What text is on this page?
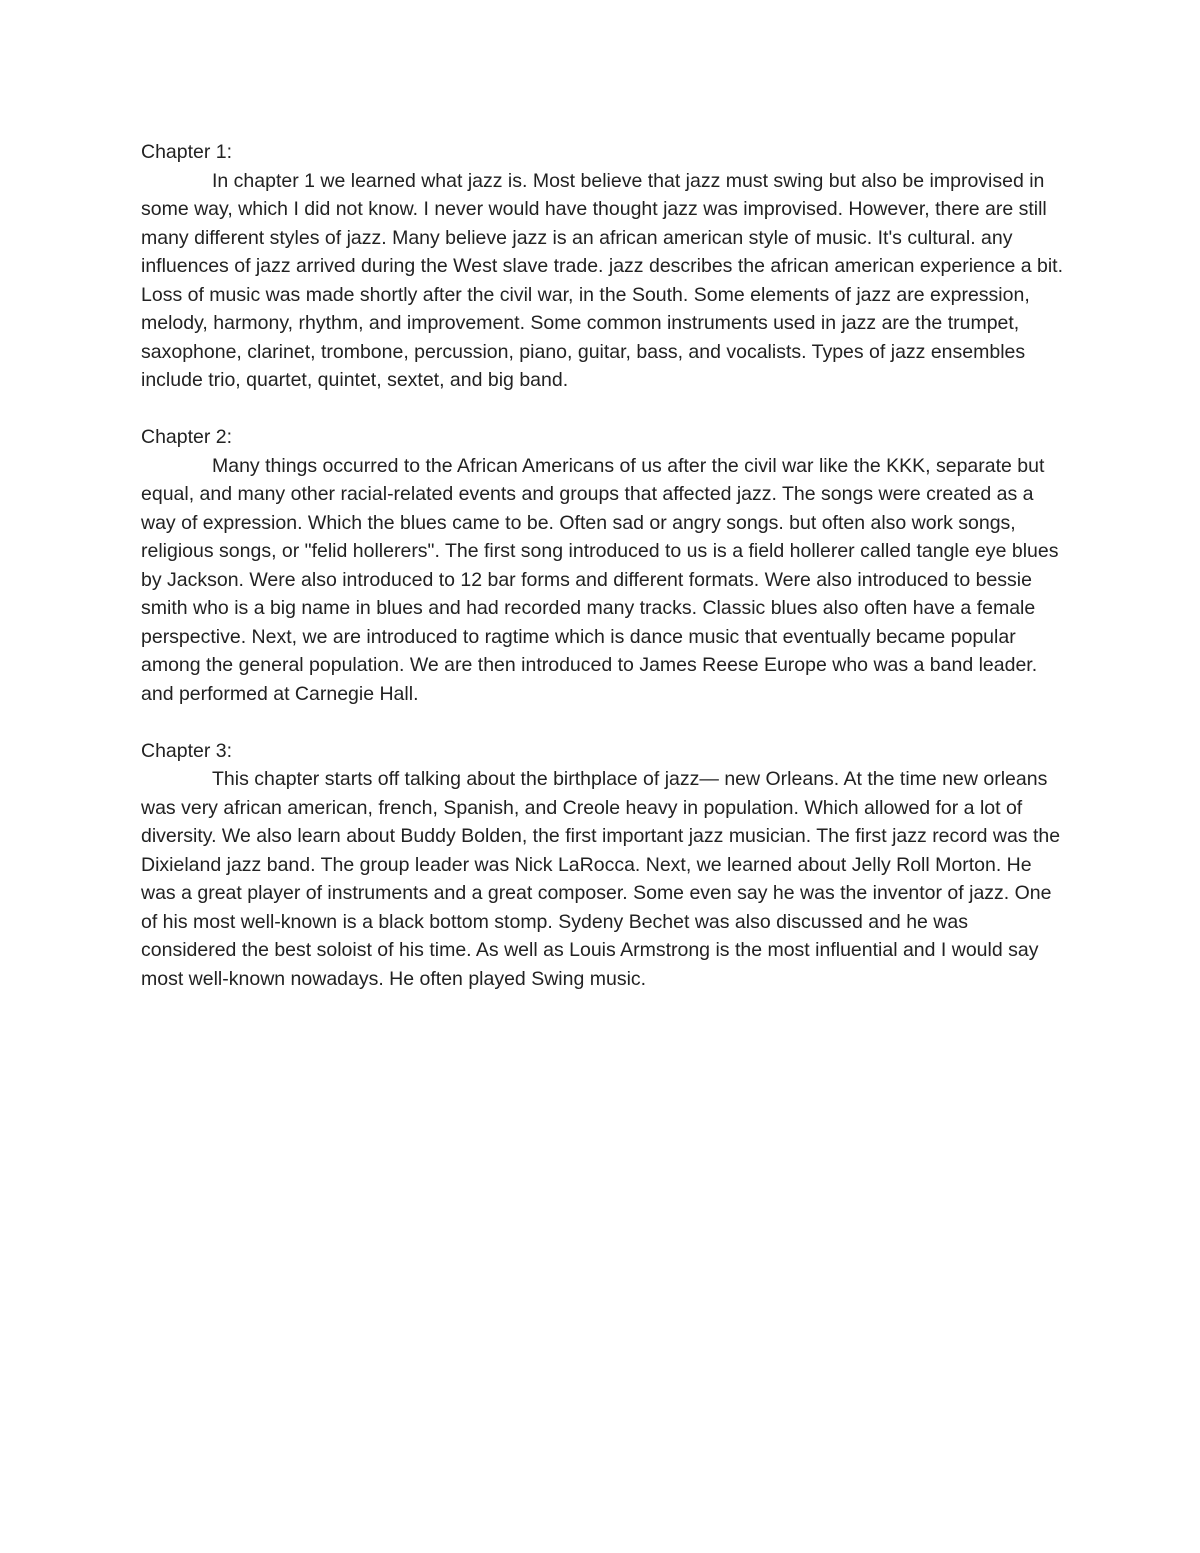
Chapter 1:

In chapter 1 we learned what jazz is. Most believe that jazz must swing but also be improvised in some way, which I did not know. I never would have thought jazz was improvised. However, there are still many different styles of jazz. Many believe jazz is an african american style of music. It's cultural. any influences of jazz arrived during the West slave trade. jazz describes the african american experience a bit. Loss of music was made shortly after the civil war, in the South. Some elements of jazz are expression, melody, harmony, rhythm, and improvement. Some common instruments used in jazz are the trumpet, saxophone, clarinet, trombone, percussion, piano, guitar, bass, and vocalists. Types of jazz ensembles include trio, quartet, quintet, sextet, and big band.

Chapter 2:

Many things occurred to the African Americans of us after the civil war like the KKK, separate but equal, and many other racial-related events and groups that affected jazz. The songs were created as a way of expression. Which the blues came to be. Often sad or angry songs. but often also work songs, religious songs, or "felid hollerers". The first song introduced to us is a field hollerer called tangle eye blues by Jackson. Were also introduced to 12 bar forms and different formats. Were also introduced to bessie smith who is a big name in blues and had recorded many tracks. Classic blues also often have a female perspective. Next, we are introduced to ragtime which is dance music that eventually became popular among the general population. We are then introduced to James Reese Europe who was a band leader. and performed at Carnegie Hall.

Chapter 3:

This chapter starts off talking about the birthplace of jazz— new Orleans. At the time new orleans was very african american, french, Spanish, and Creole heavy in population. Which allowed for a lot of diversity. We also learn about Buddy Bolden, the first important jazz musician. The first jazz record was the Dixieland jazz band. The group leader was Nick LaRocca. Next, we learned about Jelly Roll Morton. He was a great player of instruments and a great composer. Some even say he was the inventor of jazz. One of his most well-known is a black bottom stomp. Sydeny Bechet was also discussed and he was considered the best soloist of his time. As well as Louis Armstrong is the most influential and I would say most well-known nowadays. He often played Swing music.
